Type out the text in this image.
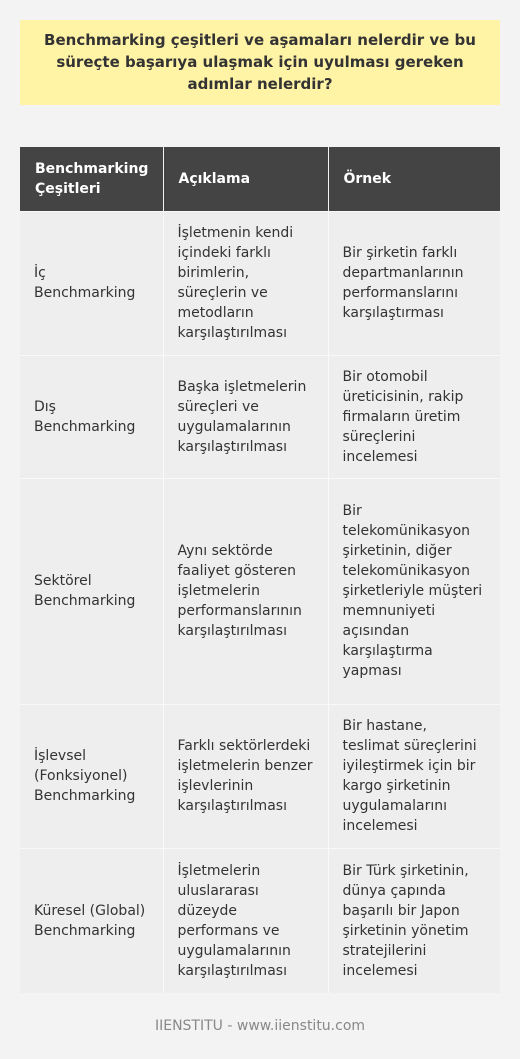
Benchmarking çeşitleri ve aşamaları nelerdir ve bu süreçte başarıya ulaşmak için uyulması gereken adımlar nelerdir?
Benchmarking Çeşitleri	Açıklama	Örnek
İç Benchmarking	İşletmenin kendi içindeki farklı birimlerin, süreçlerin ve metodların karşılaştırılması	Bir şirketin farklı departmanlarının performanslarını karşılaştırması
Dış Benchmarking	Başka işletmelerin süreçleri ve uygulamalarının karşılaştırılması	Bir otomobil üreticisinin, rakip firmaların üretim süreçlerini incelemesi
Sektörel Benchmarking	Aynı sektörde faaliyet gösteren işletmelerin performanslarının karşılaştırılması	Bir telekomünikasyon şirketinin, diğer telekomünikasyon şirketleriyle müşteri memnuniyeti açısından karşılaştırma yapması
İşlevsel (Fonksiyonel) Benchmarking	Farklı sektörlerdeki işletmelerin benzer işlevlerinin karşılaştırılması	Bir hastane, teslimat süreçlerini iyileştirmek için bir kargo şirketinin uygulamalarını incelemesi
Küresel (Global) Benchmarking	İşletmelerin uluslararası düzeyde performans ve uygulamalarının karşılaştırılması	Bir Türk şirketinin, dünya çapında başarılı bir Japon şirketinin yönetim stratejilerini incelemesi
IIENSTITU - www.iienstitu.com
